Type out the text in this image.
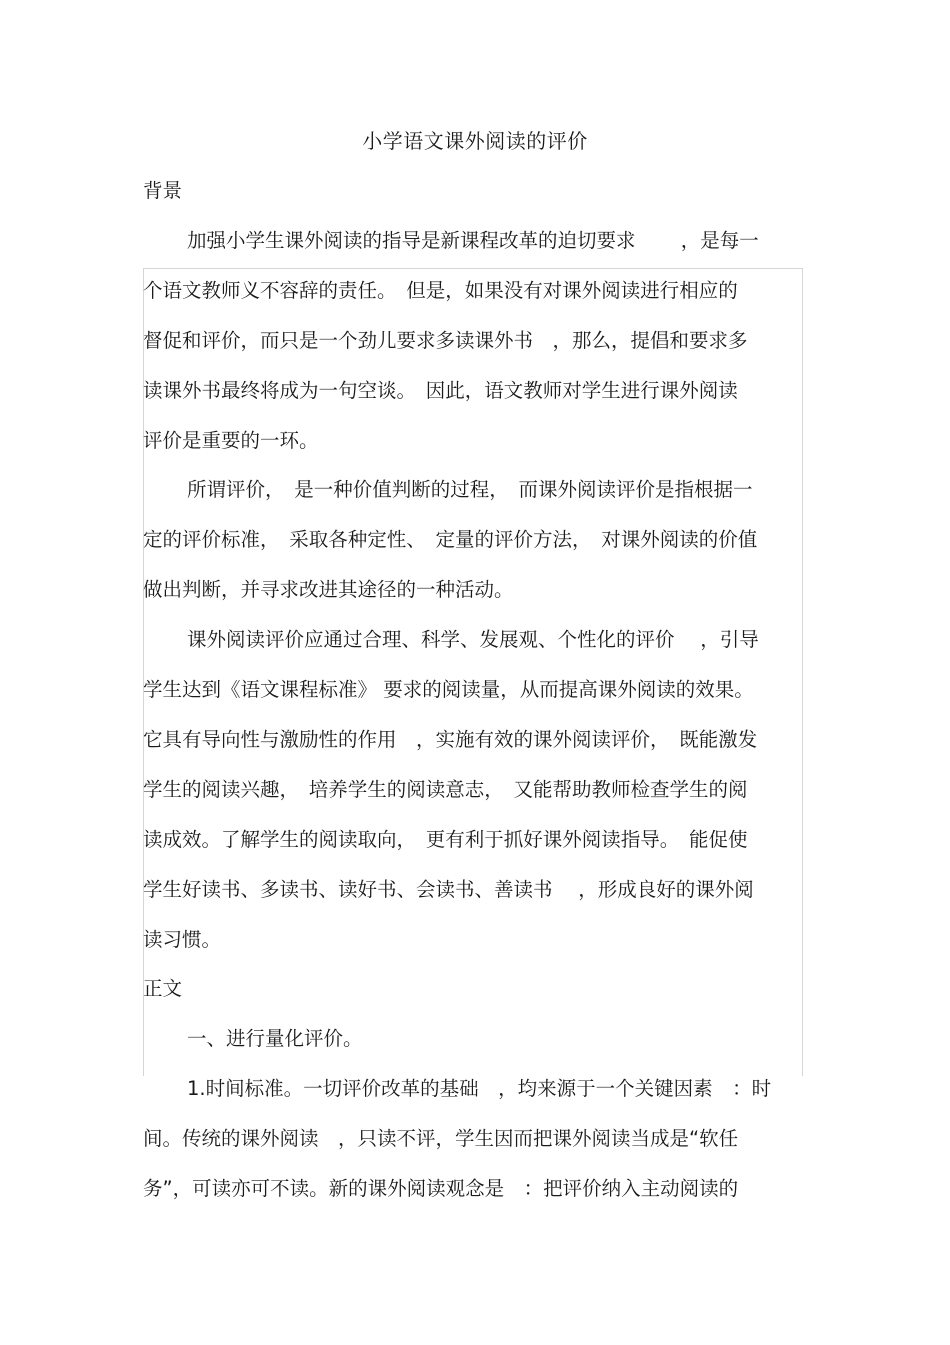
小学语文课外阅读的评价
背景
加强小学生课外阅读的指导是新课程改革的迫切要求　　 ，是每一
个语文教师义不容辞的责任。　但是，如果没有对课外阅读进行相应的
督促和评价，而只是一个劲儿要求多读课外书　，那么，提倡和要求多
读课外书最终将成为一句空谈。　因此，语文教师对学生进行课外阅读
评价是重要的一环。
所谓评价，　是一种价值判断的过程，　而课外阅读评价是指根据一
定的评价标准，　采取各种定性、　定量的评价方法，　对课外阅读的价值
做出判断，并寻求改进其途径的一种活动。
课外阅读评价应通过合理、科学、发展观、个性化的评价　 ，引导
学生达到《语文课程标准》 要求的阅读量，从而提高课外阅读的效果。
它具有导向性与激励性的作用　，实施有效的课外阅读评价，　既能激发
学生的阅读兴趣，　培养学生的阅读意志，　又能帮助教师检查学生的阅
读成效。了解学生的阅读取向，　更有利于抓好课外阅读指导。　能促使
学生好读书、多读书、读好书、会读书、善读书　 ，形成良好的课外阅
读习惯。
正文
一、进行量化评价。
1.时间标准。一切评价改革的基础　，均来源于一个关键因素　：时
间。传统的课外阅读　，只读不评，学生因而把课外阅读当成是“软任
务”，可读亦可不读。新的课外阅读观念是　：把评价纳入主动阅读的
